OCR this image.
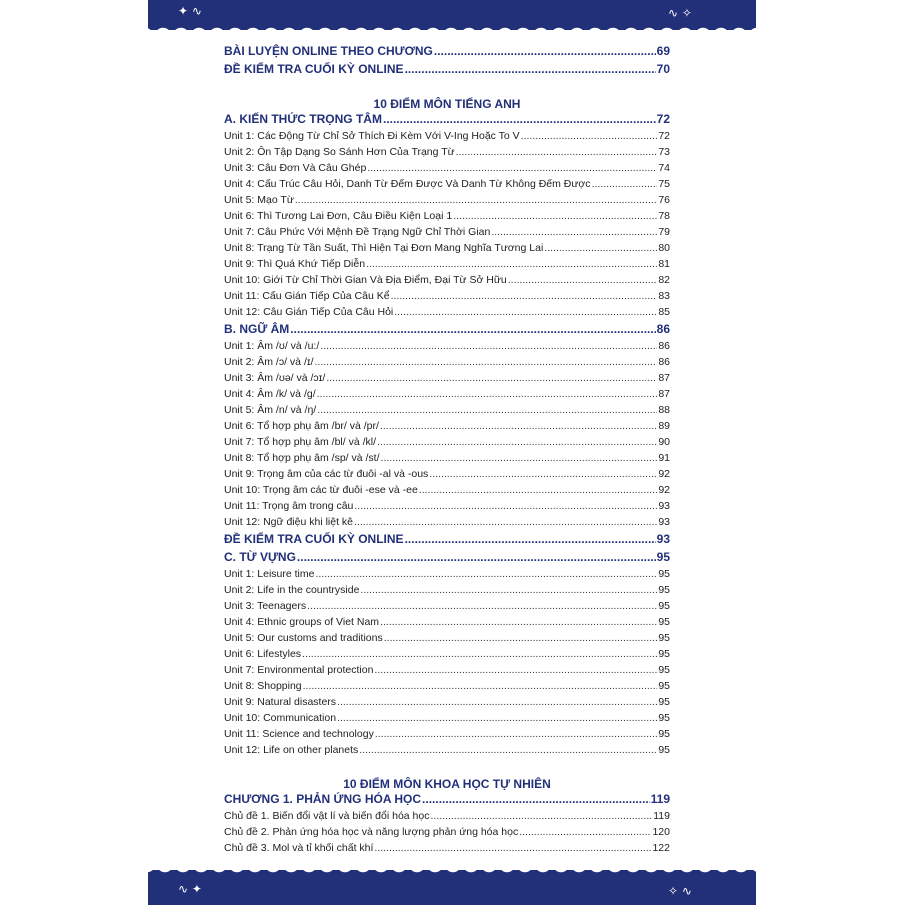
✦ ∿	∿ ✧
BÀI LUYỆN ONLINE THEO CHƯƠNG .....	69
ĐỀ KIỂM TRA CUỐI KỲ ONLINE .....	70
10 ĐIỂM MÔN TIẾNG ANH
A. KIẾN THỨC TRỌNG TÂM .....	72
Unit 1: Các Động Từ Chỉ Sở Thích Đi Kèm Với V-Ing Hoặc To V .....	72
Unit 2: Ôn Tập Dạng So Sánh Hơn Của Trạng Từ .....	73
Unit 3: Câu Đơn Và Câu Ghép .....	74
Unit 4: Cấu Trúc Câu Hỏi, Danh Từ Đếm Được Và Danh Từ Không Đếm Được .....	75
Unit 5: Mạo Từ .....	76
Unit 6: Thì Tương Lai Đơn, Câu Điều Kiện Loại 1 .....	78
Unit 7: Câu Phức Với Mệnh Đề Trạng Ngữ Chỉ Thời Gian .....	79
Unit 8: Trạng Từ Tần Suất, Thì Hiện Tại Đơn Mang Nghĩa Tương Lai .....	80
Unit 9: Thì Quá Khứ Tiếp Diễn .....	81
Unit 10: Giới Từ Chỉ Thời Gian Và Địa Điểm, Đại Từ Sở Hữu .....	82
Unit 11: Cấu Gián Tiếp Của Câu Kể .....	83
Unit 12: Câu Gián Tiếp Của Câu Hỏi .....	85
B. NGỮ ÂM .....	86
Unit 1: Âm /ʊ/ và /u:/ .....	86
Unit 2: Âm /ɔ/ và /ɪ/ .....	86
Unit 3: Âm /ʊə/ và /ɔɪ/ .....	87
Unit 4: Âm /k/ và /g/ .....	87
Unit 5: Âm /n/ và /ŋ/ .....	88
Unit 6: Tổ hợp phụ âm /br/ và /pr/ .....	89
Unit 7: Tổ hợp phụ âm /bl/ và /kl/ .....	90
Unit 8: Tổ hợp phụ âm /sp/ và /st/ .....	91
Unit 9: Trọng âm của các từ đuôi -al và -ous .....	92
Unit 10: Trọng âm các từ đuôi -ese và -ee .....	92
Unit 11: Trọng âm trong câu .....	93
Unit 12: Ngữ điệu khi liệt kê .....	93
ĐỀ KIỂM TRA CUỐI KỲ ONLINE .....	93
C. TỪ VỰNG .....	95
Unit 1: Leisure time .....	95
Unit 2: Life in the countryside .....	95
Unit 3: Teenagers .....	95
Unit 4: Ethnic groups of Viet Nam .....	95
Unit 5: Our customs and traditions .....	95
Unit 6: Lifestyles .....	95
Unit 7: Environmental protection .....	95
Unit 8: Shopping .....	95
Unit 9: Natural disasters .....	95
Unit 10: Communication .....	95
Unit 11: Science and technology .....	95
Unit 12: Life on other planets .....	95
10 ĐIỂM MÔN KHOA HỌC TỰ NHIÊN
CHƯƠNG 1. PHẢN ỨNG HÓA HỌC .....	119
Chủ đề 1. Biến đổi vật lí và biến đổi hóa học .....	119
Chủ đề 2. Phản ứng hóa học và năng lượng phản ứng hóa học .....	120
Chủ đề 3. Mol và tỉ khối chất khí .....	122
∿ ✦	✧ ∿
